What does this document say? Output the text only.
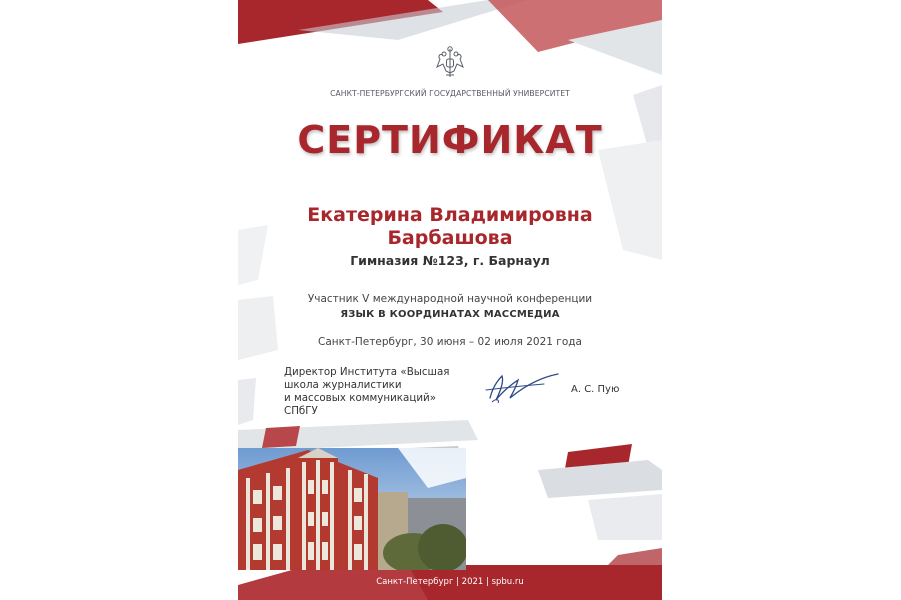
САНКТ-ПЕТЕРБУРГСКИЙ ГОСУДАРСТВЕННЫЙ УНИВЕРСИТЕТ
СЕРТИФИКАТ
Екатерина Владимировна
Барбашова
Гимназия №123, г. Барнаул
Участник V международной научной конференции
ЯЗЫК В КООРДИНАТАХ МАССМЕДИА
Санкт-Петербург, 30 июня – 02 июля 2021 года
Директор Института «Высшая
школа журналистики
и массовых коммуникаций»
СПбГУ
А. С. Пую
Санкт-Петербург | 2021 | spbu.ru
